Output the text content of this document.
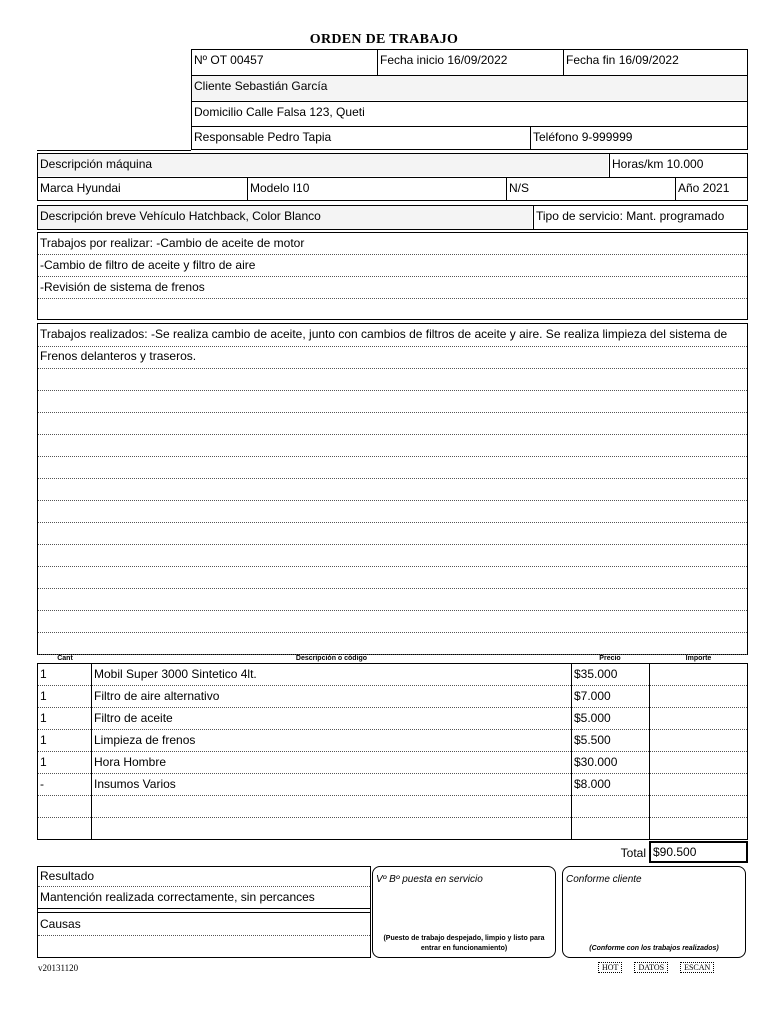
ORDEN DE TRABAJO
Nº OT 00457	Fecha inicio 16/09/2022	Fecha fin 16/09/2022
Cliente Sebastián García
Domicilio Calle Falsa 123, Queti
Responsable Pedro Tapia	Teléfono 9-999999
Descripción máquina	Horas/km 10.000
Marca Hyundai	Modelo I10	N/S	Año 2021
Descripción breve Vehículo Hatchback, Color Blanco	Tipo de servicio: Mant. programado
Trabajos por realizar: -Cambio de aceite de motor
-Cambio de filtro de aceite y filtro de aire
-Revisión de sistema de frenos
Trabajos realizados: -Se realiza cambio de aceite, junto con cambios de filtros de aceite y aire. Se realiza limpieza del sistema de
Frenos delanteros y traseros.
Cant	Descripción o código	Precio	Importe
1	Mobil Super 3000 Sintetico 4lt.	$35.000
1	Filtro de aire alternativo	$7.000
1	Filtro de aceite	$5.000
1	Limpieza de frenos	$5.500
1	Hora Hombre	$30.000
-	Insumos Varios	$8.000
Total $90.500
Resultado
Mantención realizada correctamente, sin percances
Causas
Vº Bº puesta en servicio
(Puesto de trabajo despejado, limpio y listo para entrar en funcionamiento)
Conforme cliente
(Conforme con los trabajos realizados)
v20131120	HOT	DATOS	ESCAN
